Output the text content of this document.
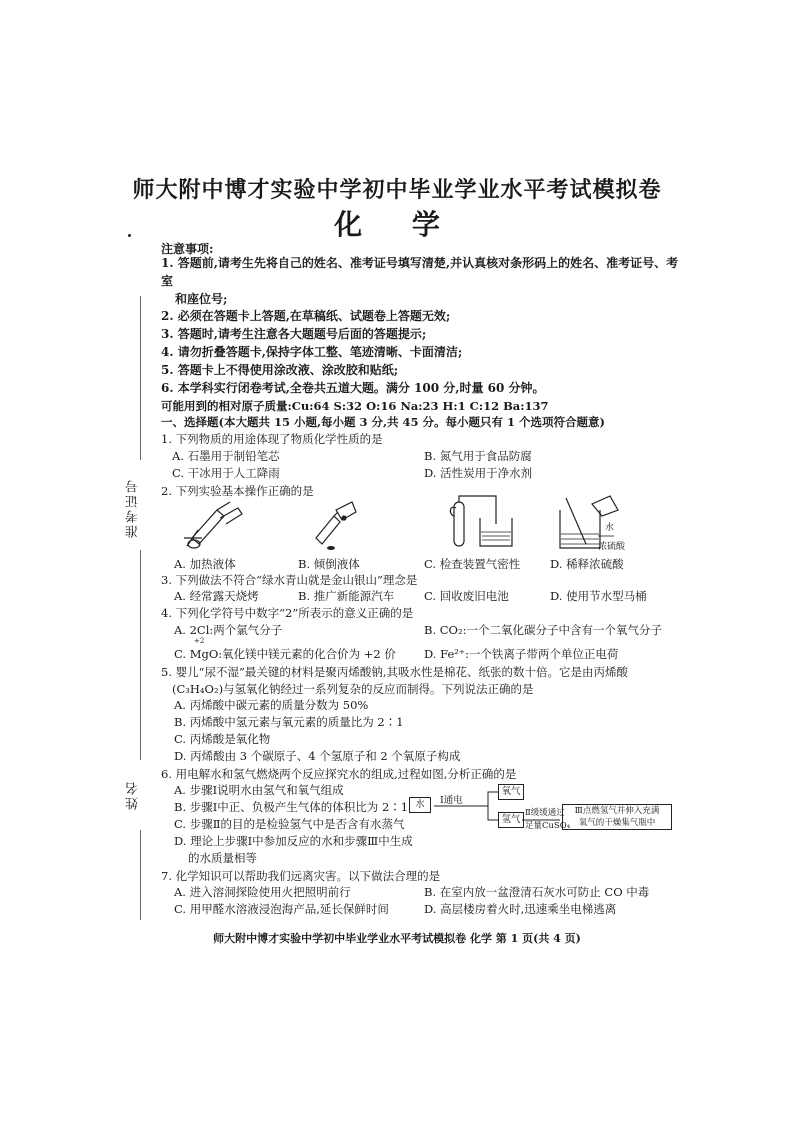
师大附中博才实验中学初中毕业学业水平考试模拟卷
化 学
注意事项:
1. 答题前,请考生先将自己的姓名、准考证号填写清楚,并认真核对条形码上的姓名、准考证号、考室
和座位号;
2. 必须在答题卡上答题,在草稿纸、试题卷上答题无效;
3. 答题时,请考生注意各大题题号后面的答题提示;
4. 请勿折叠答题卡,保持字体工整、笔迹清晰、卡面清洁;
5. 答题卡上不得使用涂改液、涂改胶和贴纸;
6. 本学科实行闭卷考试,全卷共五道大题。满分 100 分,时量 60 分钟。
可能用到的相对原子质量:Cu:64 S:32 O:16 Na:23 H:1 C:12 Ba:137
一、选择题(本大题共 15 小题,每小题 3 分,共 45 分。每小题只有 1 个选项符合题意)
准考证号
姓名
1. 下列物质的用途体现了物质化学性质的是
A. 石墨用于制铅笔芯	B. 氮气用于食品防腐
C. 干冰用于人工降雨	D. 活性炭用于净水剂
2. 下列实验基本操作正确的是
水
浓硫酸
A. 加热液体	B. 倾倒液体	C. 检查装置气密性	D. 稀释浓硫酸
3. 下列做法不符合“绿水青山就是金山银山”理念是
A. 经常露天烧烤	B. 推广新能源汽车	C. 回收废旧电池	D. 使用节水型马桶
4. 下列化学符号中数字“2”所表示的意义正确的是
A. 2Cl:两个氯气分子	B. CO₂:一个二氧化碳分子中含有一个氧气分子
+2
C. MgO:氧化镁中镁元素的化合价为 +2 价 D. Fe²⁺:一个铁离子带两个单位正电荷
5. 婴儿“尿不湿”最关键的材料是聚丙烯酸钠,其吸水性是棉花、纸张的数十倍。它是由丙烯酸
(C₃H₄O₂)与氢氧化钠经过一系列复杂的反应而制得。下列说法正确的是
A. 丙烯酸中碳元素的质量分数为 50%
B. 丙烯酸中氢元素与氧元素的质量比为 2∶1
C. 丙烯酸是氧化物
D. 丙烯酸由 3 个碳原子、4 个氢原子和 2 个氧原子构成
6. 用电解水和氢气燃烧两个反应探究水的组成,过程如图,分析正确的是
A. 步骤Ⅰ说明水由氢气和氧气组成
B. 步骤Ⅰ中正、负极产生气体的体积比为 2∶1
C. 步骤Ⅱ的目的是检验氢气中是否含有水蒸气
D. 理论上步骤Ⅰ中参加反应的水和步骤Ⅲ中生成
的水质量相等
水	Ⅰ通电
氧气
氢气
Ⅱ缓缓通过
足量CuSO₄
Ⅲ点燃氢气并伸入充满
氧气的干燥集气瓶中
7. 化学知识可以帮助我们远离灾害。以下做法合理的是
A. 进入溶洞探险使用火把照明前行	B. 在室内放一盆澄清石灰水可防止 CO 中毒
C. 用甲醛水溶液浸泡海产品,延长保鲜时间	D. 高层楼房着火时,迅速乘坐电梯逃离
师大附中博才实验中学初中毕业学业水平考试模拟卷 化学 第 1 页(共 4 页)
